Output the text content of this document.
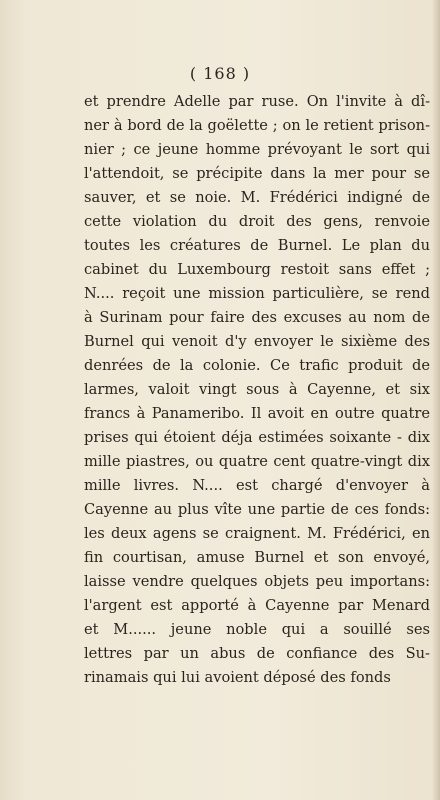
( 168 )
et prendre Adelle par ruse. On l'invite à dî-
ner à bord de la goëlette ; on le retient prison-
nier ; ce jeune homme prévoyant le sort qui
l'attendoit, se précipite dans la mer pour se
sauver, et se noie. M. Frédérici indigné de
cette violation du droit des gens, renvoie
toutes les créatures de Burnel. Le plan du
cabinet du Luxembourg restoit sans effet ;
N.... reçoit une mission particulière, se rend
à Surinam pour faire des excuses au nom de
Burnel qui venoit d'y envoyer le sixième des
denrées de la colonie. Ce trafic produit de
larmes, valoit vingt sous à Cayenne, et six
francs à Panameribo. Il avoit en outre quatre
prises qui étoient déja estimées soixante - dix
mille piastres, ou quatre cent quatre-vingt dix
mille livres. N.... est chargé d'envoyer à
Cayenne au plus vîte une partie de ces fonds:
les deux agens se craignent. M. Frédérici, en
fin courtisan, amuse Burnel et son envoyé,
laisse vendre quelques objets peu importans:
l'argent est apporté à Cayenne par Menard
et M...... jeune noble qui a souillé ses
lettres par un abus de confiance des Su-
rinamais qui lui avoient déposé des fonds
